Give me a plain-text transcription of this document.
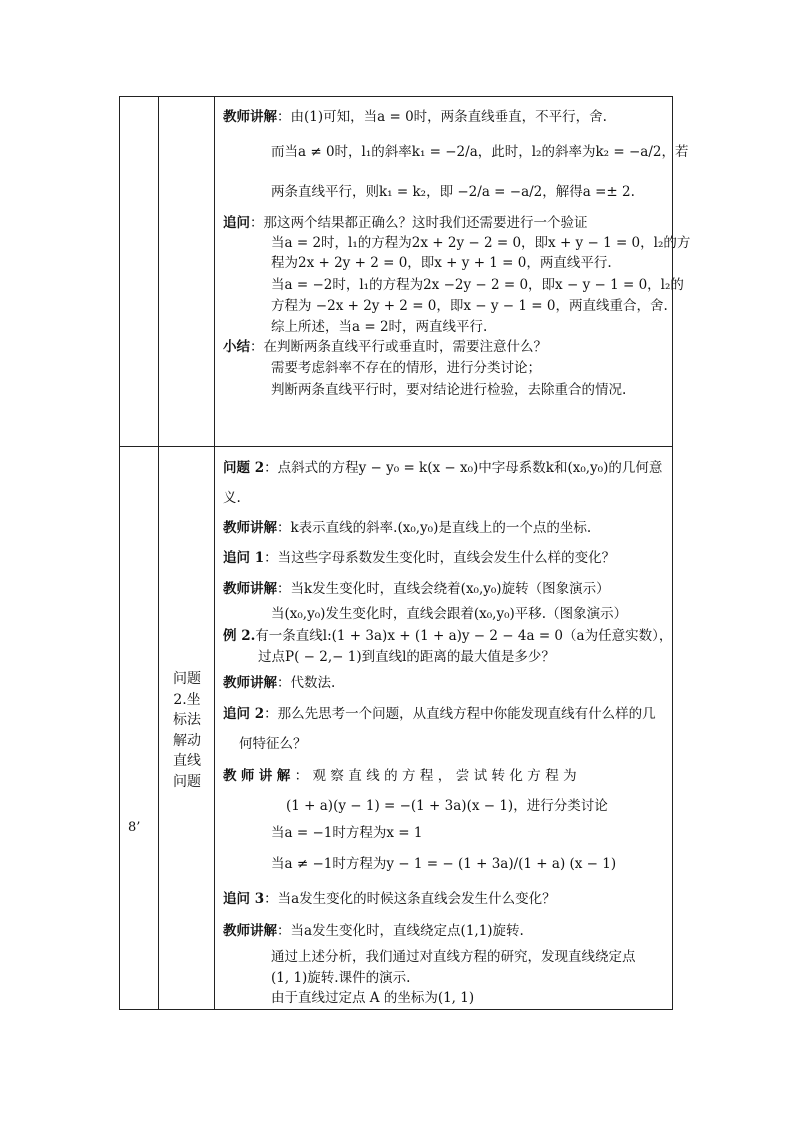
教师讲解：由(1)可知，当a = 0时，两条直线垂直，不平行，舍.
而当a ≠ 0时，l₁的斜率k₁ = −2/a，此时，l₂的斜率为k₂ = −a/2，若
两条直线平行，则k₁ = k₂，即 −2/a = −a/2，解得a =± 2.
追问：那这两个结果都正确么？这时我们还需要进行一个验证
当a = 2时，l₁的方程为2x + 2y − 2 = 0，即x + y − 1 = 0，l₂的方
程为2x + 2y + 2 = 0，即x + y + 1 = 0，两直线平行.
当a = −2时，l₁的方程为2x −2y − 2 = 0，即x − y − 1 = 0，l₂的
方程为 −2x + 2y + 2 = 0，即x − y − 1 = 0，两直线重合，舍.
综上所述，当a = 2时，两直线平行.
小结：在判断两条直线平行或垂直时，需要注意什么？
需要考虑斜率不存在的情形，进行分类讨论；
判断两条直线平行时，要对结论进行检验，去除重合的情况.
8’
问题
2.坐
标法
解动
直线
问题
问题 2：点斜式的方程y − y₀ = k(x − x₀)中字母系数k和(x₀,y₀)的几何意
义.
教师讲解：k表示直线的斜率.(x₀,y₀)是直线上的一个点的坐标.
追问 1：当这些字母系数发生变化时，直线会发生什么样的变化？
教师讲解：当k发生变化时，直线会绕着(x₀,y₀)旋转（图象演示）
当(x₀,y₀)发生变化时，直线会跟着(x₀,y₀)平移.（图象演示）
例 2.有一条直线l:(1 + 3a)x + (1 + a)y − 2 − 4a = 0（a为任意实数），
过点P( − 2,− 1)到直线l的距离的最大值是多少？
教师讲解：代数法.
追问 2：那么先思考一个问题，从直线方程中你能发现直线有什么样的几
何特征么？
教师讲解：观察直线的方程，尝试转化方程为
(1 + a)(y − 1) = −(1 + 3a)(x − 1)，进行分类讨论
当a = −1时方程为x = 1
当a ≠ −1时方程为y − 1 = − (1 + 3a)/(1 + a) (x − 1)
追问 3：当a发生变化的时候这条直线会发生什么变化？
教师讲解：当a发生变化时，直线绕定点(1,1)旋转.
通过上述分析，我们通过对直线方程的研究，发现直线绕定点
(1, 1)旋转.课件的演示.
由于直线过定点 A 的坐标为(1, 1)
